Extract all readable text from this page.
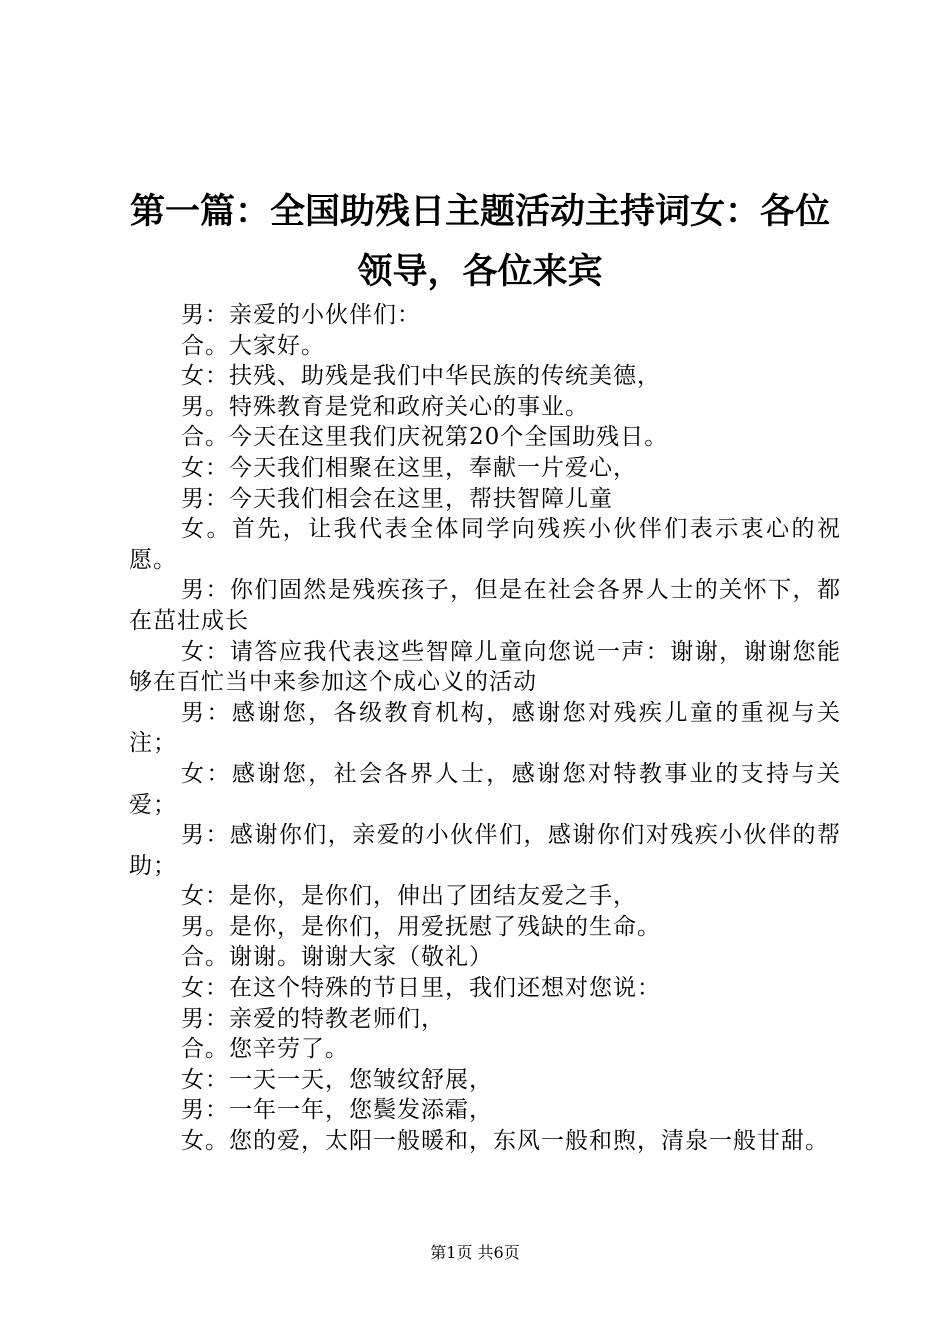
第一篇：全国助残日主题活动主持词女：各位领导，各位来宾

男：亲爱的小伙伴们：

合。大家好。

女：扶残、助残是我们中华民族的传统美德，

男。特殊教育是党和政府关心的事业。

合。今天在这里我们庆祝第20个全国助残日。

女：今天我们相聚在这里，奉献一片爱心，

男：今天我们相会在这里，帮扶智障儿童

女。首先，让我代表全体同学向残疾小伙伴们表示衷心的祝愿。

男：你们固然是残疾孩子，但是在社会各界人士的关怀下，都在茁壮成长

女：请答应我代表这些智障儿童向您说一声：谢谢，谢谢您能够在百忙当中来参加这个成心义的活动

男：感谢您，各级教育机构，感谢您对残疾儿童的重视与关注；

女：感谢您，社会各界人士，感谢您对特教事业的支持与关爱；

男：感谢你们，亲爱的小伙伴们，感谢你们对残疾小伙伴的帮助；

女：是你，是你们，伸出了团结友爱之手，

男。是你，是你们，用爱抚慰了残缺的生命。

合。谢谢。谢谢大家（敬礼）

女：在这个特殊的节日里，我们还想对您说：

男：亲爱的特教老师们，

合。您辛劳了。

女：一天一天，您皱纹舒展，

男：一年一年，您鬓发添霜，

女。您的爱，太阳一般暖和，东风一般和煦，清泉一般甘甜。

第1页 共6页
